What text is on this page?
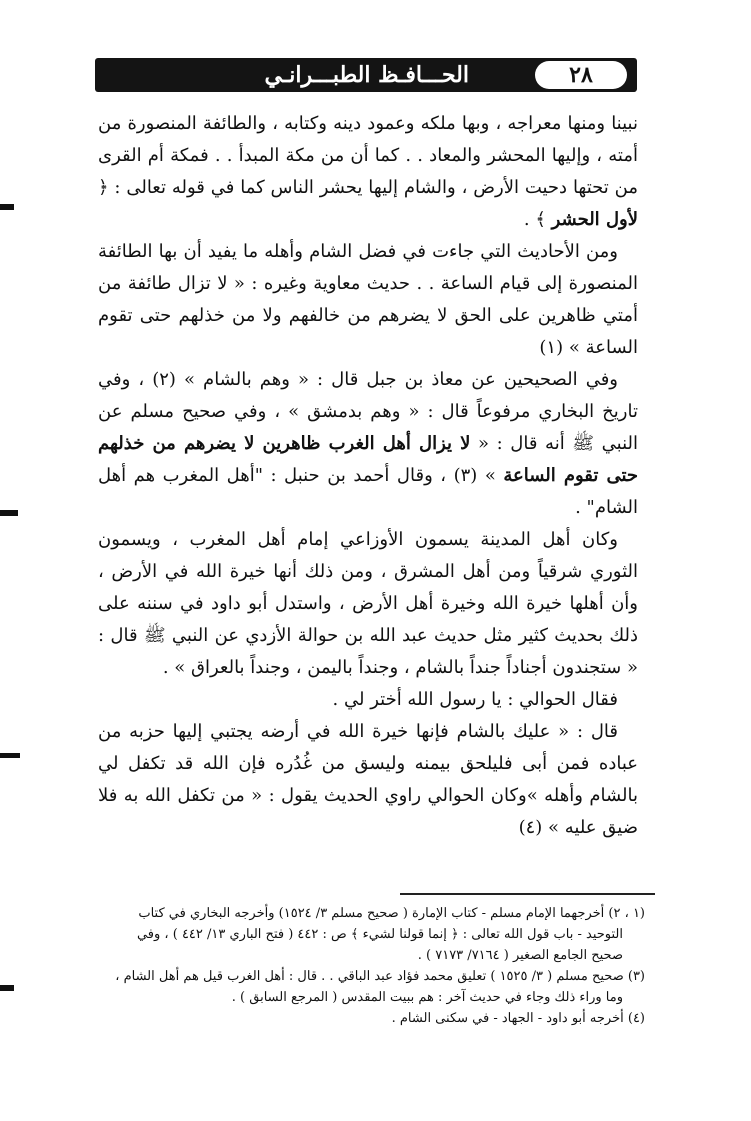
الحـــافـظ الطبـــرانـي	٢٨

نبينا ومنها معراجه ، وبها ملكه وعمود دينه وكتابه ، والطائفة المنصورة من أمته ، وإليها المحشر والمعاد . . كما أن من مكة المبدأ . . فمكة أم القرى من تحتها دحيت الأرض ، والشام إليها يحشر الناس كما في قوله تعالى : ﴿ لأول الحشر ﴾ .

ومن الأحاديث التي جاءت في فضل الشام وأهله ما يفيد أن بها الطائفة المنصورة إلى قيام الساعة . . حديث معاوية وغيره : « لا تزال طائفة من أمتي ظاهرين على الحق لا يضرهم من خالفهم ولا من خذلهم حتى تقوم الساعة » (١)

وفي الصحيحين عن معاذ بن جبل قال : « وهم بالشام » (٢) ، وفي تاريخ البخاري مرفوعاً قال : « وهم بدمشق » ، وفي صحيح مسلم عن النبي ﷺ أنه قال : « لا يزال أهل الغرب ظاهرين لا يضرهم من خذلهم حتى تقوم الساعة » (٣) ، وقال أحمد بن حنبل : "أهل المغرب هم أهل الشام" .

وكان أهل المدينة يسمون الأوزاعي إمام أهل المغرب ، ويسمون الثوري شرقياً ومن أهل المشرق ، ومن ذلك أنها خيرة الله في الأرض ، وأن أهلها خيرة الله وخيرة أهل الأرض ، واستدل أبو داود في سننه على ذلك بحديث كثير مثل حديث عبد الله بن حوالة الأزدي عن النبي ﷺ قال : « ستجندون أجناداً جنداً بالشام ، وجنداً باليمن ، وجنداً بالعراق » .

فقال الحوالي : يا رسول الله أختر لي .

قال : « عليك بالشام فإنها خيرة الله في أرضه يجتبي إليها حزبه من عباده فمن أبى فليلحق بيمنه وليسق من غُدُره فإن الله قد تكفل لي بالشام وأهله »وكان الحوالي راوي الحديث يقول : « من تكفل الله به فلا ضيق عليه » (٤)

(١ ، ٢) أخرجهما الإمام مسلم - كتاب الإمارة ( صحيح مسلم ٣/ ١٥٢٤) وأخرجه البخاري في كتاب

التوحيد - باب قول الله تعالى : ﴿ إنما قولنا لشيء ﴾ ص : ٤٤٢ ( فتح الباري ١٣/ ٤٤٢ ) ، وفي

صحيح الجامع الصغير ( ٧١٦٤/ ٧١٧٣ ) .

(٣) صحيح مسلم ( ٣/ ١٥٢٥ ) تعليق محمد فؤاد عبد الباقي . . قال : أهل الغرب قيل هم أهل الشام ،

وما وراء ذلك وجاء في حديث آخر : هم ببيت المقدس ( المرجع السابق ) .

(٤) أخرجه أبو داود - الجهاد - في سكنى الشام .
